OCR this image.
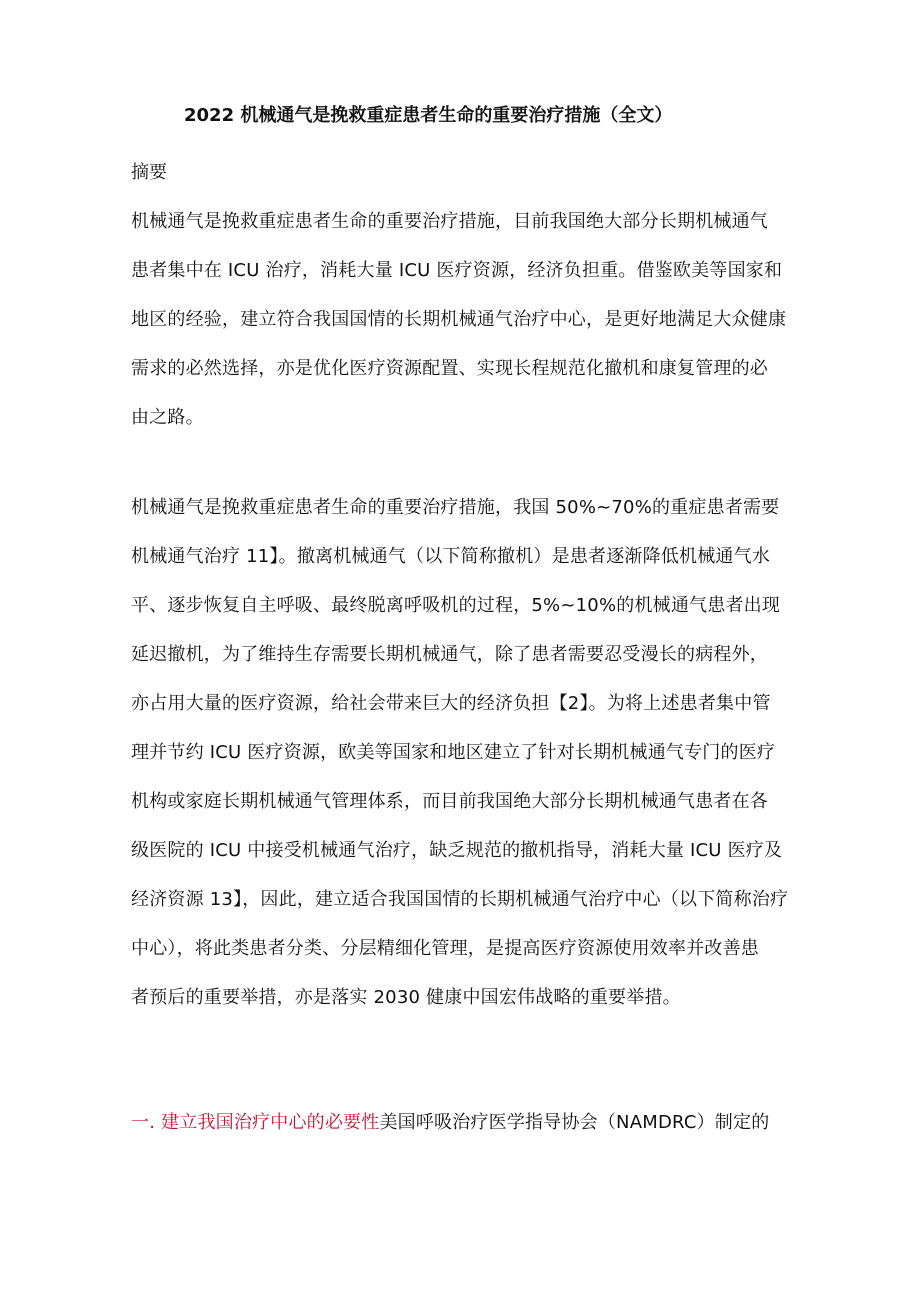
2022 机械通气是挽救重症患者生命的重要治疗措施（全文）
摘要
机械通气是挽救重症患者生命的重要治疗措施，目前我国绝大部分长期机械通气
患者集中在 ICU 治疗，消耗大量 ICU 医疗资源，经济负担重。借鉴欧美等国家和
地区的经验，建立符合我国国情的长期机械通气治疗中心，是更好地满足大众健康
需求的必然选择，亦是优化医疗资源配置、实现长程规范化撤机和康复管理的必
由之路。
机械通气是挽救重症患者生命的重要治疗措施，我国 50%~70%的重症患者需要
机械通气治疗 11】。撤离机械通气（以下简称撤机）是患者逐渐降低机械通气水
平、逐步恢复自主呼吸、最终脱离呼吸机的过程，5%~10%的机械通气患者出现
延迟撤机，为了维持生存需要长期机械通气，除了患者需要忍受漫长的病程外，
亦占用大量的医疗资源，给社会带来巨大的经济负担【2】。为将上述患者集中管
理并节约 ICU 医疗资源，欧美等国家和地区建立了针对长期机械通气专门的医疗
机构或家庭长期机械通气管理体系，而目前我国绝大部分长期机械通气患者在各
级医院的 ICU 中接受机械通气治疗，缺乏规范的撤机指导，消耗大量 ICU 医疗及
经济资源 13】，因此，建立适合我国国情的长期机械通气治疗中心（以下简称治疗
中心），将此类患者分类、分层精细化管理，是提高医疗资源使用效率并改善患
者预后的重要举措，亦是落实 2030 健康中国宏伟战略的重要举措。
一. 建立我国治疗中心的必要性美国呼吸治疗医学指导协会（NAMDRC）制定的
